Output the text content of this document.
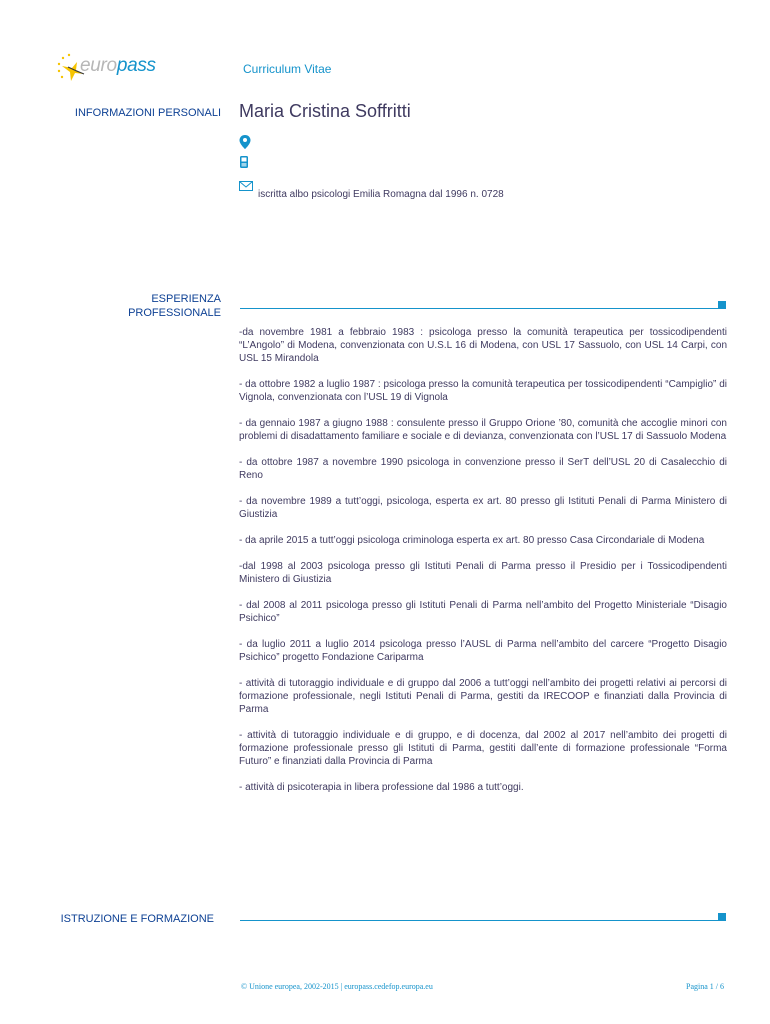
europass	Curriculum Vitae
INFORMAZIONI PERSONALI Maria Cristina Soffritti
iscritta albo psicologi Emilia Romagna dal 1996 n. 0728
ESPERIENZA
PROFESSIONALE

-da novembre 1981 a febbraio 1983 : psicologa presso la comunità terapeutica per tossicodipendenti “L’Angolo” di Modena, convenzionata con U.S.L 16 di Modena, con USL 17 Sassuolo, con USL 14 Carpi, con USL 15 Mirandola

- da ottobre 1982 a luglio 1987 : psicologa presso la comunità terapeutica per tossicodipendenti “Campiglio” di Vignola, convenzionata con l’USL 19 di Vignola

- da gennaio 1987 a giugno 1988 : consulente presso il Gruppo Orione ’80, comunità che accoglie minori con problemi di disadattamento familiare e sociale e di devianza, convenzionata con l’USL 17 di Sassuolo Modena

- da ottobre 1987 a novembre 1990 psicologa in convenzione presso il SerT dell’USL 20 di Casalecchio di Reno

- da novembre 1989 a tutt’oggi, psicologa, esperta ex art. 80 presso gli Istituti Penali di Parma Ministero di Giustizia

- da aprile 2015 a tutt’oggi psicologa criminologa esperta ex art. 80 presso Casa Circondariale di Modena

-dal 1998 al 2003 psicologa presso gli Istituti Penali di Parma presso il Presidio per i Tossicodipendenti Ministero di Giustizia

- dal 2008 al 2011 psicologa presso gli Istituti Penali di Parma nell’ambito del Progetto Ministeriale “Disagio Psichico”

- da luglio 2011 a luglio 2014 psicologa presso l’AUSL di Parma nell’ambito del carcere “Progetto Disagio Psichico” progetto Fondazione Cariparma

- attività di tutoraggio individuale e di gruppo dal 2006 a tutt’oggi nell’ambito dei progetti relativi ai percorsi di formazione professionale, negli Istituti Penali di Parma, gestiti da IRECOOP e finanziati dalla Provincia di Parma

- attività di tutoraggio individuale e di gruppo, e di docenza, dal 2002 al 2017 nell’ambito dei progetti di formazione professionale presso gli Istituti di Parma, gestiti dall’ente di formazione professionale “Forma Futuro” e finanziati dalla Provincia di Parma

- attività di psicoterapia in libera professione dal 1986 a tutt’oggi.

ISTRUZIONE E FORMAZIONE
© Unione europea, 2002-2015 | europass.cedefop.europa.eu	Pagina 1 / 6
